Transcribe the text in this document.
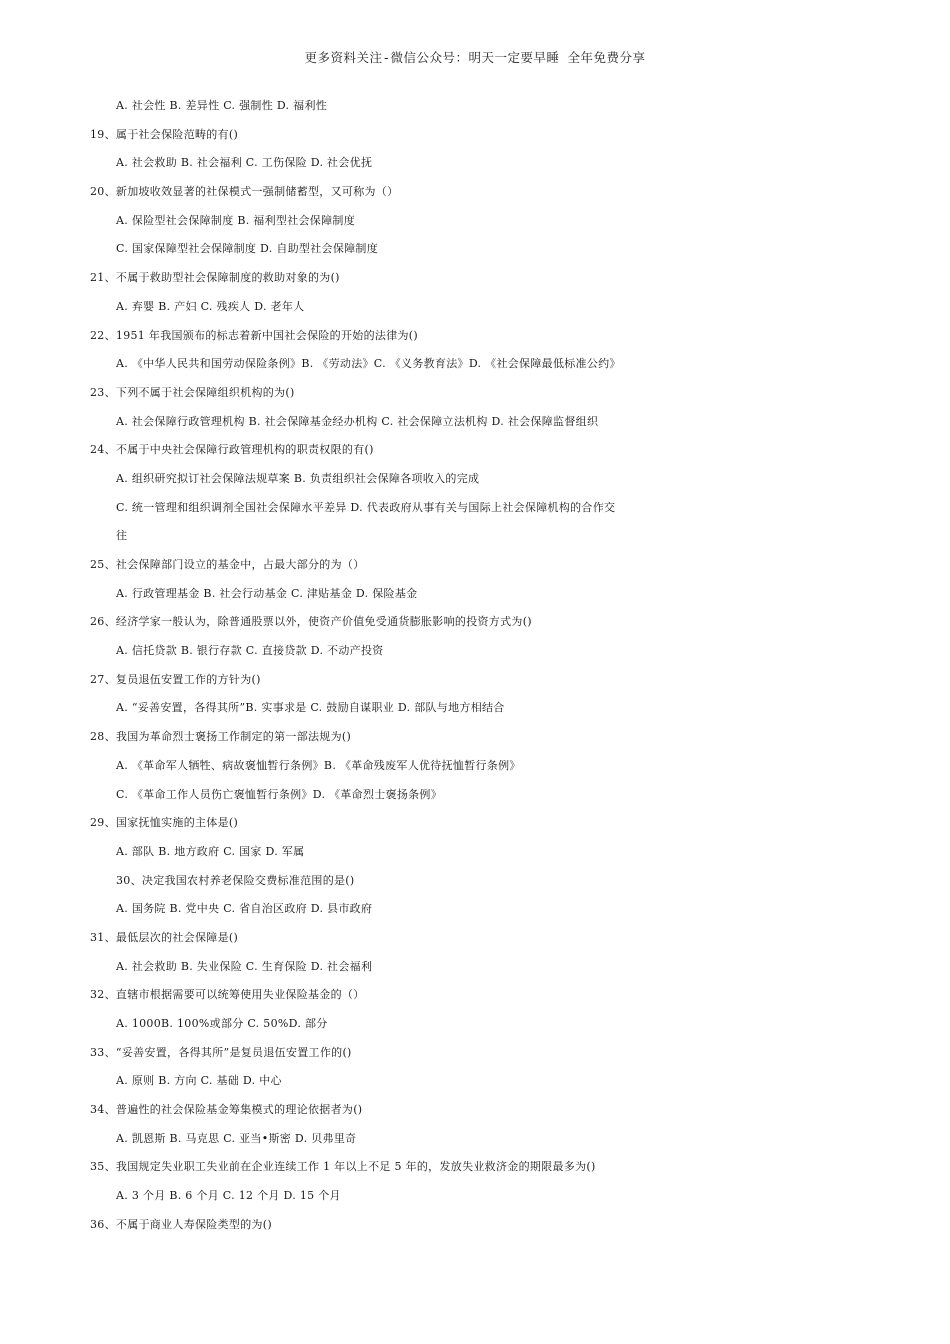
更多资料关注-微信公众号：明天一定要早睡 全年免费分享
A. 社会性 B. 差异性 C. 强制性 D. 福利性
19、属于社会保险范畴的有()
A. 社会救助 B. 社会福利 C. 工伤保险 D. 社会优抚
20、新加坡收效显著的社保模式一强制储蓄型，又可称为（）
A. 保险型社会保障制度 B. 福利型社会保障制度
C. 国家保障型社会保障制度 D. 自助型社会保障制度
21、不属于救助型社会保障制度的救助对象的为()
A. 弃婴 B. 产妇 C. 残疾人 D. 老年人
22、1951 年我国颁布的标志着新中国社会保险的开始的法律为()
A. 《中华人民共和国劳动保险条例》B. 《劳动法》C. 《义务教育法》D. 《社会保障最低标准公约》
23、下列不属于社会保障组织机构的为()
A. 社会保障行政管理机构 B. 社会保障基金经办机构 C. 社会保障立法机构 D. 社会保障监督组织
24、不属于中央社会保障行政管理机构的职责权限的有()
A. 组织研究拟订社会保障法规草案 B. 负责组织社会保障各项收入的完成
C. 统一管理和组织调剂全国社会保障水平差异 D. 代表政府从事有关与国际上社会保障机构的合作交
往
25、社会保障部门设立的基金中，占最大部分的为（）
A. 行政管理基金 B. 社会行动基金 C. 津贴基金 D. 保险基金
26、经济学家一般认为，除普通股票以外，使资产价值免受通货膨胀影响的投资方式为()
A. 信托贷款 B. 银行存款 C. 直接贷款 D. 不动产投资
27、复员退伍安置工作的方针为()
A. “妥善安置，各得其所”B. 实事求是 C. 鼓励自谋职业 D. 部队与地方相结合
28、我国为革命烈士褒扬工作制定的第一部法规为()
A. 《革命军人牺牲、病故褒恤暂行条例》B. 《革命残废军人优待抚恤暂行条例》
C. 《革命工作人员伤亡褒恤暂行条例》D. 《革命烈士褒扬条例》
29、国家抚恤实施的主体是()
A. 部队 B. 地方政府 C. 国家 D. 军属
30、决定我国农村养老保险交费标准范围的是()
A. 国务院 B. 党中央 C. 省自治区政府 D. 县市政府
31、最低层次的社会保障是()
A. 社会救助 B. 失业保险 C. 生育保险 D. 社会福利
32、直辖市根据需要可以统筹使用失业保险基金的（）
A. 1000B. 100%或部分 C. 50%D. 部分
33、“妥善安置，各得其所”是复员退伍安置工作的()
A. 原则 B. 方向 C. 基础 D. 中心
34、普遍性的社会保险基金筹集模式的理论依据者为()
A. 凯恩斯 B. 马克思 C. 亚当•斯密 D. 贝弗里奇
35、我国规定失业职工失业前在企业连续工作 1 年以上不足 5 年的，发放失业救济金的期限最多为()
A. 3 个月 B. 6 个月 C. 12 个月 D. 15 个月
36、不属于商业人寿保险类型的为()
